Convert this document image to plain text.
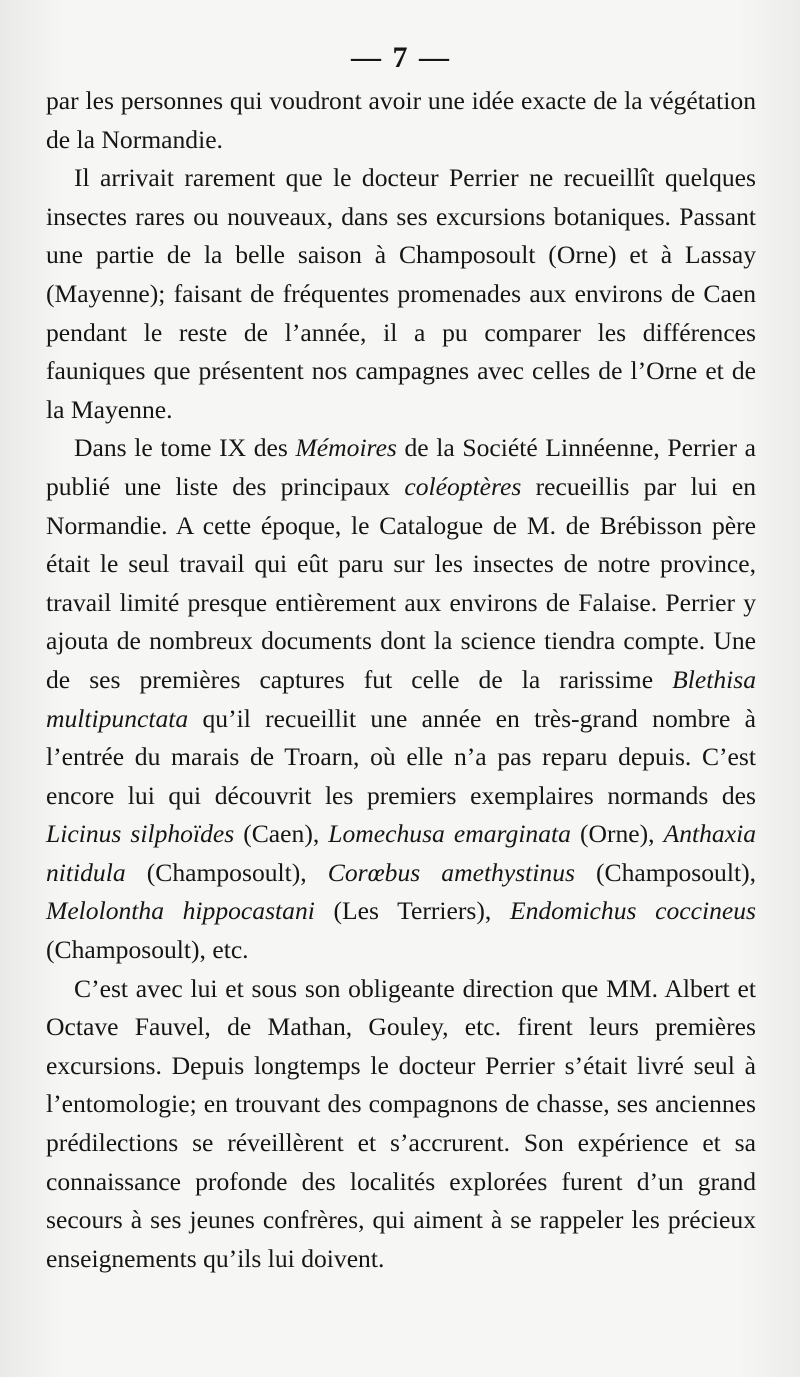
— 7 —

par les personnes qui voudront avoir une idée exacte de la végétation de la Normandie.

Il arrivait rarement que le docteur Perrier ne recueillît quelques insectes rares ou nouveaux, dans ses excursions botaniques. Passant une partie de la belle saison à Champosoult (Orne) et à Lassay (Mayenne); faisant de fréquentes promenades aux environs de Caen pendant le reste de l’année, il a pu comparer les différences fauniques que présentent nos campagnes avec celles de l’Orne et de la Mayenne.

Dans le tome IX des Mémoires de la Société Linnéenne, Perrier a publié une liste des principaux coléoptères recueillis par lui en Normandie. A cette époque, le Catalogue de M. de Brébisson père était le seul travail qui eût paru sur les insectes de notre province, travail limité presque entièrement aux environs de Falaise. Perrier y ajouta de nombreux documents dont la science tiendra compte. Une de ses premières captures fut celle de la rarissime Blethisa multipunctata qu’il recueillit une année en très-grand nombre à l’entrée du marais de Troarn, où elle n’a pas reparu depuis. C’est encore lui qui découvrit les premiers exemplaires normands des Licinus silphoïdes (Caen), Lomechusa emarginata (Orne), Anthaxia nitidula (Champosoult), Corœbus amethystinus (Champosoult), Melolontha hippocastani (Les Terriers), Endomichus coccineus (Champosoult), etc.

C’est avec lui et sous son obligeante direction que MM. Albert et Octave Fauvel, de Mathan, Gouley, etc. firent leurs premières excursions. Depuis longtemps le docteur Perrier s’était livré seul à l’entomologie; en trouvant des compagnons de chasse, ses anciennes prédilections se réveillèrent et s’accrurent. Son expérience et sa connaissance profonde des localités explorées furent d’un grand secours à ses jeunes confrères, qui aiment à se rappeler les précieux enseignements qu’ils lui doivent.
